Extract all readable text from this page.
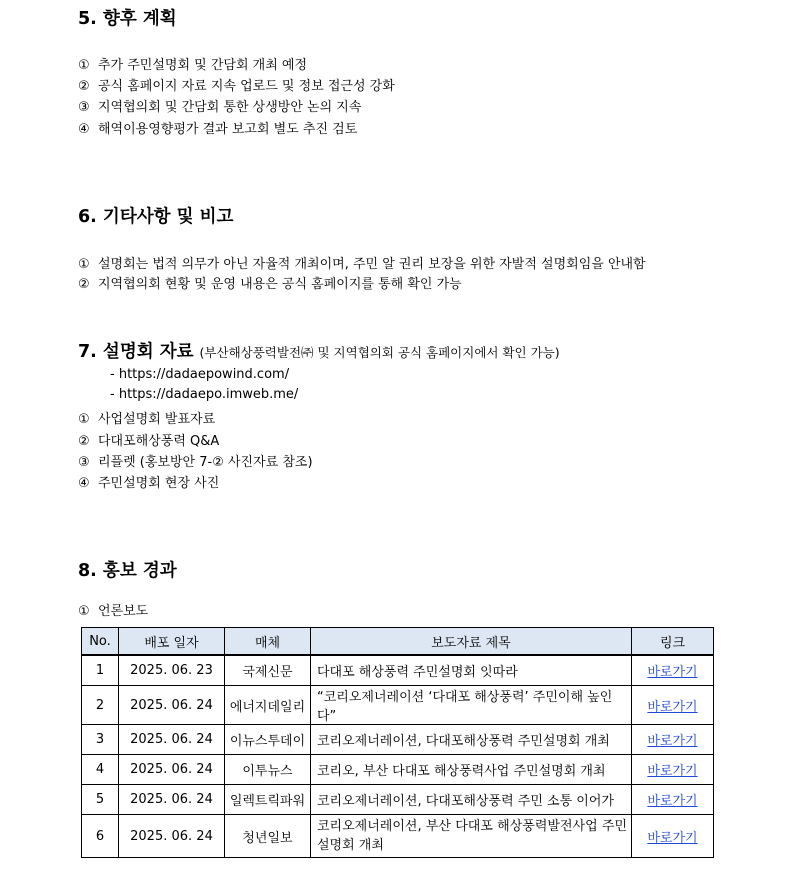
5. 향후 계획
① 추가 주민설명회 및 간담회 개최 예정
② 공식 홈페이지 자료 지속 업로드 및 정보 접근성 강화
③ 지역협의회 및 간담회 통한 상생방안 논의 지속
④ 해역이용영향평가 결과 보고회 별도 추진 검토
6. 기타사항 및 비고
① 설명회는 법적 의무가 아닌 자율적 개최이며, 주민 알 권리 보장을 위한 자발적 설명회임을 안내함
② 지역협의회 현황 및 운영 내용은 공식 홈페이지를 통해 확인 가능
7. 설명회 자료 (부산해상풍력발전㈜ 및 지역협의회 공식 홈페이지에서 확인 가능)
- https://dadaepowind.com/
- https://dadaepo.imweb.me/
① 사업설명회 발표자료
② 다대포해상풍력 Q&A
③ 리플렛 (홍보방안 7-② 사진자료 참조)
④ 주민설명회 현장 사진
8. 홍보 경과
① 언론보도
No.	배포 일자	매체	보도자료 제목	링크
1	2025. 06. 23	국제신문	다대포 해상풍력 주민설명회 잇따라	바로가기
2	2025. 06. 24	에너지데일리	“코리오제너레이션 ‘다대포 해상풍력’ 주민이해 높인다”	바로가기
3	2025. 06. 24	이뉴스투데이	코리오제너레이션, 다대포해상풍력 주민설명회 개최	바로가기
4	2025. 06. 24	이투뉴스	코리오, 부산 다대포 해상풍력사업 주민설명회 개최	바로가기
5	2025. 06. 24	일렉트릭파워	코리오제너레이션, 다대포해상풍력 주민 소통 이어가	바로가기
6	2025. 06. 24	청년일보	코리오제너레이션, 부산 다대포 해상풍력발전사업 주민설명회 개최	바로가기
